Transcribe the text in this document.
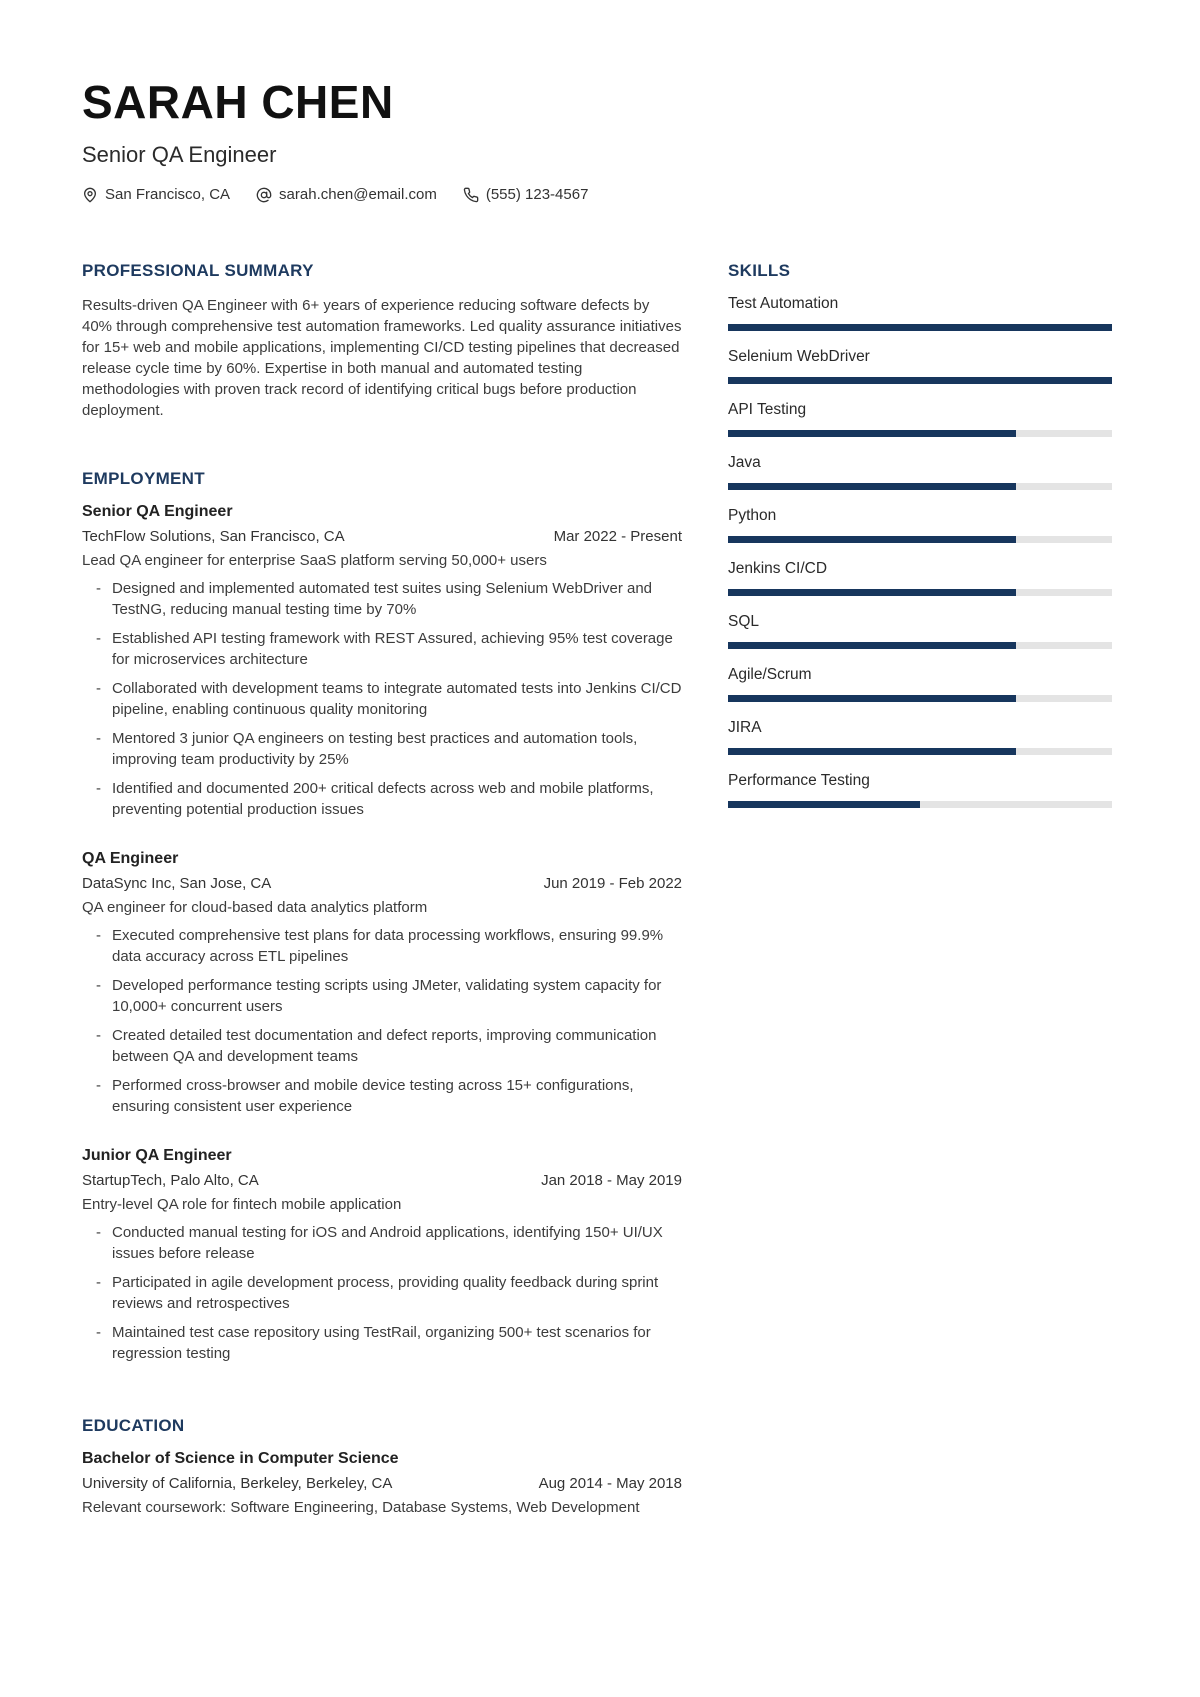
SARAH CHEN
Senior QA Engineer
San Francisco, CA	sarah.chen@email.com	(555) 123-4567
PROFESSIONAL SUMMARY

Results-driven QA Engineer with 6+ years of experience reducing software defects by 40% through comprehensive test automation frameworks. Led quality assurance initiatives for 15+ web and mobile applications, implementing CI/CD testing pipelines that decreased release cycle time by 60%. Expertise in both manual and automated testing methodologies with proven track record of identifying critical bugs before production deployment.

EMPLOYMENT
Senior QA Engineer
TechFlow Solutions, San Francisco, CA	Mar 2022 - Present
Lead QA engineer for enterprise SaaS platform serving 50,000+ users
- Designed and implemented automated test suites using Selenium WebDriver and TestNG, reducing manual testing time by 70%
- Established API testing framework with REST Assured, achieving 95% test coverage for microservices architecture
- Collaborated with development teams to integrate automated tests into Jenkins CI/CD pipeline, enabling continuous quality monitoring
- Mentored 3 junior QA engineers on testing best practices and automation tools, improving team productivity by 25%
- Identified and documented 200+ critical defects across web and mobile platforms, preventing potential production issues
QA Engineer
DataSync Inc, San Jose, CA	Jun 2019 - Feb 2022
QA engineer for cloud-based data analytics platform
- Executed comprehensive test plans for data processing workflows, ensuring 99.9% data accuracy across ETL pipelines
- Developed performance testing scripts using JMeter, validating system capacity for 10,000+ concurrent users
- Created detailed test documentation and defect reports, improving communication between QA and development teams
- Performed cross-browser and mobile device testing across 15+ configurations, ensuring consistent user experience
Junior QA Engineer
StartupTech, Palo Alto, CA	Jan 2018 - May 2019
Entry-level QA role for fintech mobile application
- Conducted manual testing for iOS and Android applications, identifying 150+ UI/UX issues before release
- Participated in agile development process, providing quality feedback during sprint reviews and retrospectives
- Maintained test case repository using TestRail, organizing 500+ test scenarios for regression testing
EDUCATION
Bachelor of Science in Computer Science
University of California, Berkeley, Berkeley, CA	Aug 2014 - May 2018
Relevant coursework: Software Engineering, Database Systems, Web Development
SKILLS
Test Automation
Selenium WebDriver
API Testing
Java
Python
Jenkins CI/CD
SQL
Agile/Scrum
JIRA
Performance Testing
